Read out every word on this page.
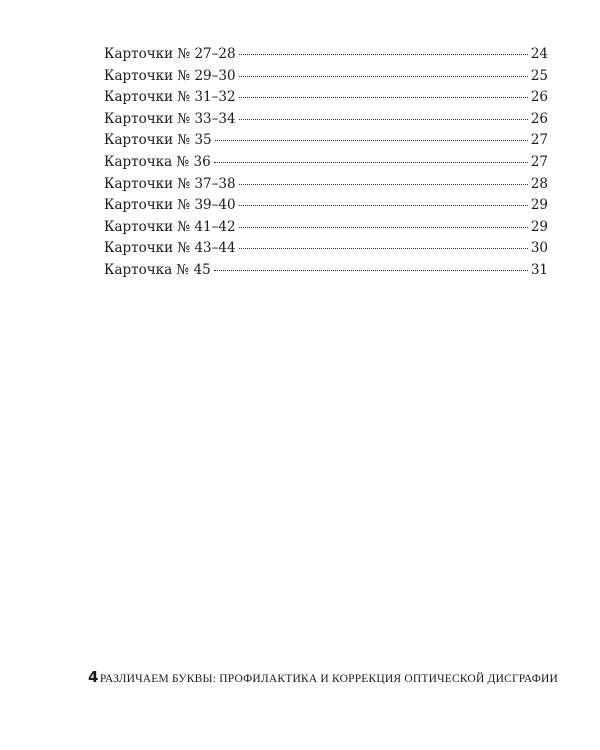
Карточки № 27–28	24
Карточки № 29–30	25
Карточки № 31–32	26
Карточки № 33–34	26
Карточки № 35	27
Карточка № 36	27
Карточки № 37–38	28
Карточки № 39–40	29
Карточки № 41–42	29
Карточки № 43–44	30
Карточка № 45	31
4 РАЗЛИЧАЕМ БУКВЫ: ПРОФИЛАКТИКА И КОРРЕКЦИЯ ОПТИЧЕСКОЙ ДИСГРАФИИ
